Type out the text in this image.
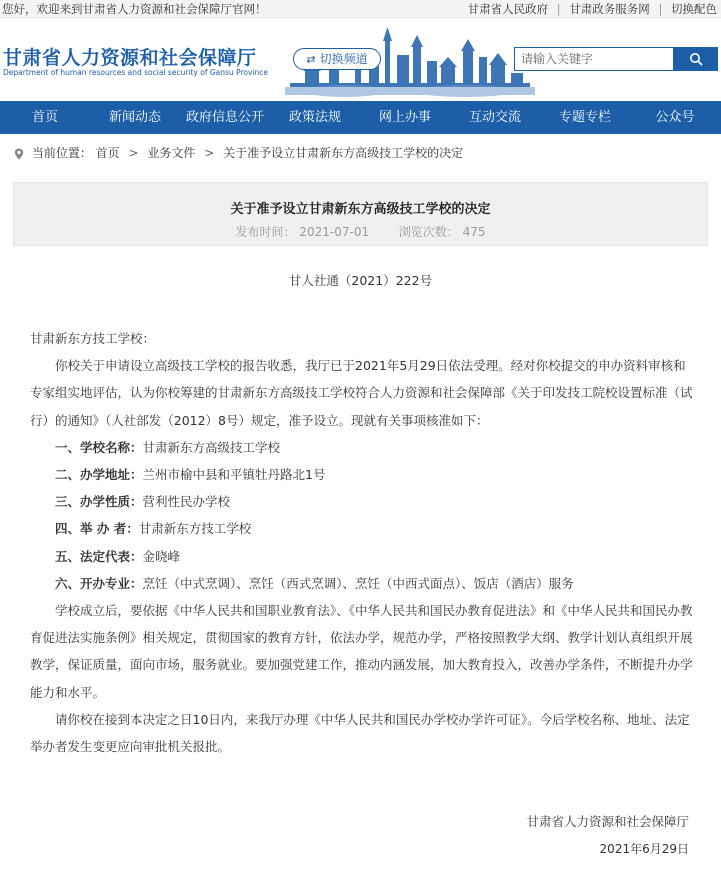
您好，欢迎来到甘肃省人力资源和社会保障厅官网！	甘肃省人民政府 | 甘肃政务服务网 | 切换配色
甘肃省人力资源和社会保障厅
Department of human resources and social security of Gansu Province
⇄ 切换频道
请输入关键字
首页	新闻动态	政府信息公开	政策法规	网上办事	互动交流	专题专栏	公众号
当前位置： 首页 > 业务文件 > 关于准予设立甘肃新东方高级技工学校的决定
关于准予设立甘肃新东方高级技工学校的决定
发布时间： 2021-07-01 浏览次数： 475
甘人社通（2021）222号

甘肃新东方技工学校：

你校关于申请设立高级技工学校的报告收悉，我厅已于2021年5月29日依法受理。经对你校提交的申办资料审核和专家组实地评估，认为你校筹建的甘肃新东方高级技工学校符合人力资源和社会保障部《关于印发技工院校设置标准（试行）的通知》（人社部发（2012）8号）规定，准予设立。现就有关事项核准如下：

一、学校名称：甘肃新东方高级技工学校

二、办学地址：兰州市榆中县和平镇牡丹路北1号

三、办学性质：营利性民办学校

四、举 办 者：甘肃新东方技工学校

五、法定代表：金晓峰

六、开办专业：烹饪（中式烹调）、烹饪（西式烹调）、烹饪（中西式面点）、饭店（酒店）服务

学校成立后，要依据《中华人民共和国职业教育法》、《中华人民共和国民办教育促进法》和《中华人民共和国民办教育促进法实施条例》相关规定，贯彻国家的教育方针，依法办学，规范办学，严格按照教学大纲、教学计划认真组织开展教学，保证质量，面向市场，服务就业。要加强党建工作，推动内涵发展，加大教育投入，改善办学条件，不断提升办学能力和水平。

请你校在接到本决定之日10日内，来我厅办理《中华人民共和国民办学校办学许可证》。今后学校名称、地址、法定举办者发生变更应向审批机关报批。

甘肃省人力资源和社会保障厅
2021年6月29日
